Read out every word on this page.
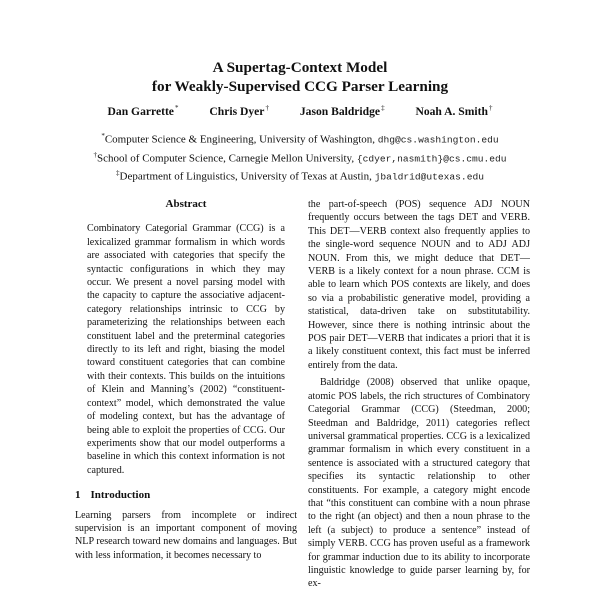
A Supertag-Context Model
for Weakly-Supervised CCG Parser Learning
Dan Garrette*	Chris Dyer†	Jason Baldridge‡	Noah A. Smith†
*Computer Science & Engineering, University of Washington, dhg@cs.washington.edu
†School of Computer Science, Carnegie Mellon University, {cdyer,nasmith}@cs.cmu.edu
‡Department of Linguistics, University of Texas at Austin, jbaldrid@utexas.edu
Abstract
Combinatory Categorial Grammar (CCG) is a lexicalized grammar formalism in which words are associated with categories that specify the syntactic configurations in which they may occur. We present a novel parsing model with the capacity to capture the associative adjacent-category relationships intrinsic to CCG by parameterizing the relationships between each constituent label and the preterminal categories directly to its left and right, biasing the model toward constituent categories that can combine with their contexts. This builds on the intuitions of Klein and Manning’s (2002) “constituent-context” model, which demonstrated the value of modeling context, but has the advantage of being able to exploit the properties of CCG. Our experiments show that our model outperforms a baseline in which this context information is not captured.
1 Introduction
Learning parsers from incomplete or indirect supervision is an important component of moving NLP research toward new domains and languages. But with less information, it becomes necessary to
the part-of-speech (POS) sequence ADJ NOUN frequently occurs between the tags DET and VERB. This DET—VERB context also frequently applies to the single-word sequence NOUN and to ADJ ADJ NOUN. From this, we might deduce that DET—VERB is a likely context for a noun phrase. CCM is able to learn which POS contexts are likely, and does so via a probabilistic generative model, providing a statistical, data-driven take on substitutability. However, since there is nothing intrinsic about the POS pair DET—VERB that indicates a priori that it is a likely constituent context, this fact must be inferred entirely from the data.
Baldridge (2008) observed that unlike opaque, atomic POS labels, the rich structures of Combinatory Categorial Grammar (CCG) (Steedman, 2000; Steedman and Baldridge, 2011) categories reflect universal grammatical properties. CCG is a lexicalized grammar formalism in which every constituent in a sentence is associated with a structured category that specifies its syntactic relationship to other constituents. For example, a category might encode that “this constituent can combine with a noun phrase to the right (an object) and then a noun phrase to the left (a subject) to produce a sentence” instead of simply VERB. CCG has proven useful as a framework for grammar induction due to its ability to incorporate linguistic knowledge to guide parser learning by, for ex-
